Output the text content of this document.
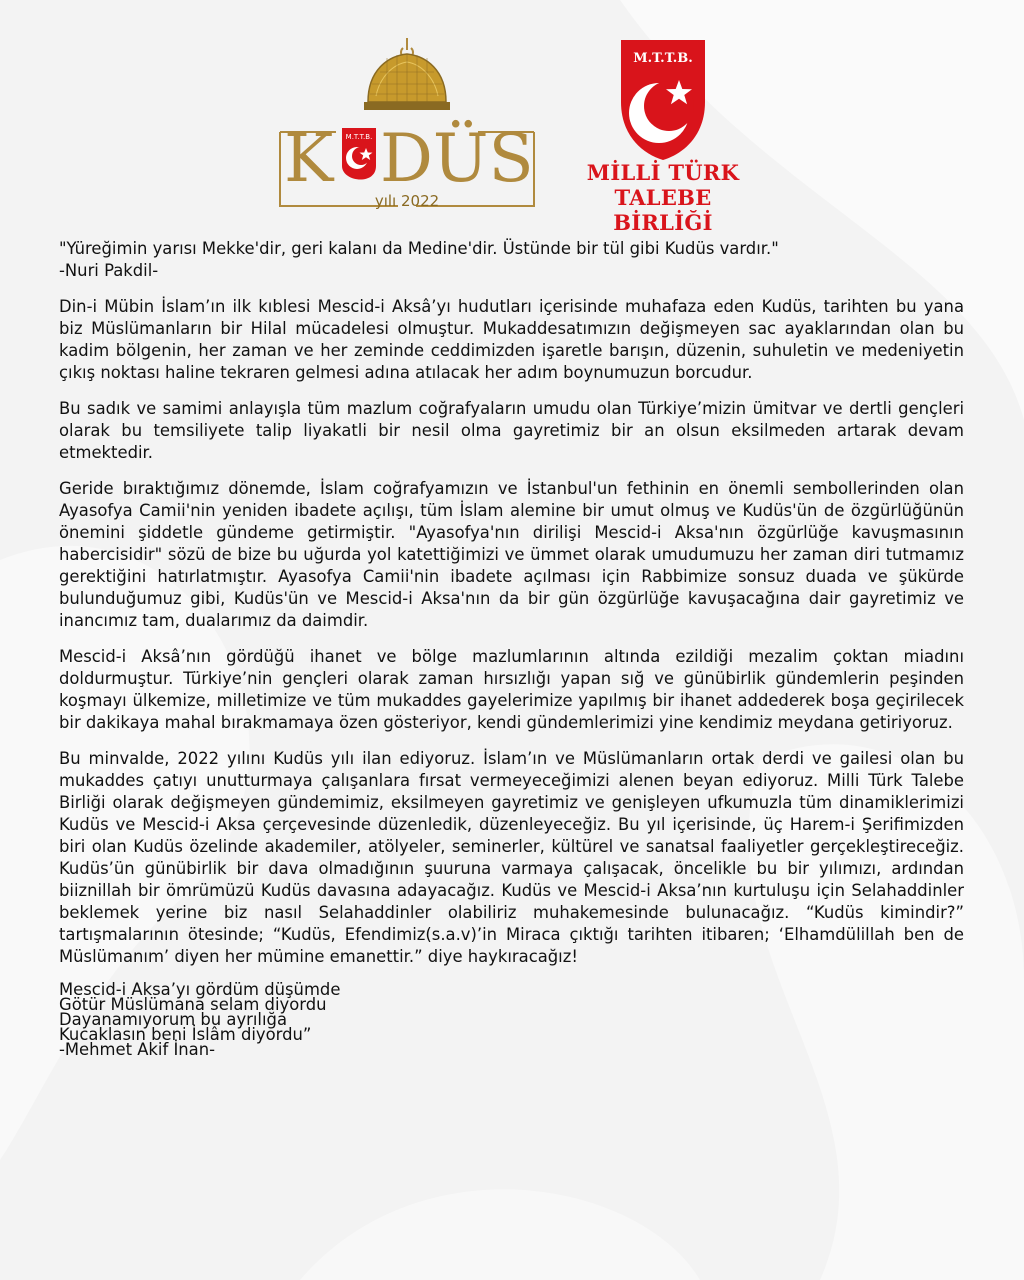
K M.T.T.B. DÜS
yılı 2022
M.T.T.B.
MİLLİ TÜRK
TALEBE BİRLİĞİ

"Yüreğimin yarısı Mekke'dir, geri kalanı da Medine'dir. Üstünde bir tül gibi Kudüs vardır."
-Nuri Pakdil-

Din-i Mübin İslam’ın ilk kıblesi Mescid-i Aksâ’yı hudutları içerisinde muhafaza eden Kudüs, tarihten bu yana biz Müslümanların bir Hilal mücadelesi olmuştur. Mukaddesatımızın değişmeyen sac ayaklarından olan bu kadim bölgenin, her zaman ve her zeminde ceddimizden işaretle barışın, düzenin, suhuletin ve medeniyetin çıkış noktası haline tekraren gelmesi adına atılacak her adım boynumuzun borcudur.

Bu sadık ve samimi anlayışla tüm mazlum coğrafyaların umudu olan Türkiye’mizin ümitvar ve dertli gençleri olarak bu temsiliyete talip liyakatli bir nesil olma gayretimiz bir an olsun eksilmeden artarak devam etmektedir.

Geride bıraktığımız dönemde, İslam coğrafyamızın ve İstanbul'un fethinin en önemli sembollerinden olan Ayasofya Camii'nin yeniden ibadete açılışı, tüm İslam alemine bir umut olmuş ve Kudüs'ün de özgürlüğünün önemini şiddetle gündeme getirmiştir. "Ayasofya'nın dirilişi Mescid-i Aksa'nın özgürlüğe kavuşmasının habercisidir" sözü de bize bu uğurda yol katettiğimizi ve ümmet olarak umudumuzu her zaman diri tutmamız gerektiğini hatırlatmıştır. Ayasofya Camii'nin ibadete açılması için Rabbimize sonsuz duada ve şükürde bulunduğumuz gibi, Kudüs'ün ve Mescid-i Aksa'nın da bir gün özgürlüğe kavuşacağına dair gayretimiz ve inancımız tam, dualarımız da daimdir.

Mescid-i Aksâ’nın gördüğü ihanet ve bölge mazlumlarının altında ezildiği mezalim çoktan miadını doldurmuştur. Türkiye’nin gençleri olarak zaman hırsızlığı yapan sığ ve günübirlik gündemlerin peşinden koşmayı ülkemize, milletimize ve tüm mukaddes gayelerimize yapılmış bir ihanet addederek boşa geçirilecek bir dakikaya mahal bırakmamaya özen gösteriyor, kendi gündemlerimizi yine kendimiz meydana getiriyoruz.

Bu minvalde, 2022 yılını Kudüs yılı ilan ediyoruz. İslam’ın ve Müslümanların ortak derdi ve gailesi olan bu mukaddes çatıyı unutturmaya çalışanlara fırsat vermeyeceğimizi alenen beyan ediyoruz. Milli Türk Talebe Birliği olarak değişmeyen gündemimiz, eksilmeyen gayretimiz ve genişleyen ufkumuzla tüm dinamiklerimizi Kudüs ve Mescid-i Aksa çerçevesinde düzenledik, düzenleyeceğiz. Bu yıl içerisinde, üç Harem-i Şerifimizden biri olan Kudüs özelinde akademiler, atölyeler, seminerler, kültürel ve sanatsal faaliyetler gerçekleştireceğiz. Kudüs’ün günübirlik bir dava olmadığının şuuruna varmaya çalışacak, öncelikle bu bir yılımızı, ardından biiznillah bir ömrümüzü Kudüs davasına adayacağız. Kudüs ve Mescid-i Aksa’nın kurtuluşu için Selahaddinler beklemek yerine biz nasıl Selahaddinler olabiliriz muhakemesinde bulunacağız. “Kudüs kimindir?” tartışmalarının ötesinde; “Kudüs, Efendimiz(s.a.v)’in Miraca çıktığı tarihten itibaren; ‘Elhamdülillah ben de Müslümanım’ diyen her mümine emanettir.” diye haykıracağız!

Mescid-i Aksa’yı gördüm düşümde
Götür Müslümana selam diyordu
Dayanamıyorum bu ayrılığa
Kucaklasın beni İslâm diyordu”
-Mehmet Akif İnan-
